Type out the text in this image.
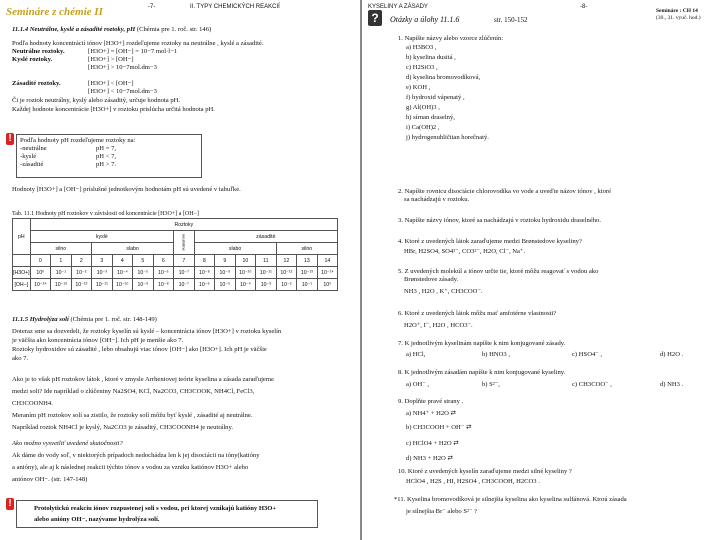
Semináre z chémie II	-7-	II. TYPY CHEMICKÝCH REAKCIÍ
11.1.4 Neutrálne, kyslé a zásadité roztoky, pH (Chémia pre 1. roč. str. 146)
Podľa hodnoty koncentrácií iónov [H3O+] rozdeľujeme roztoky na neutrálne , kyslé a zásadité.
Neutrálne roztoky.	[H3O+] = [OH−] = 10−7 mol·l−1
Kyslé roztoky.	[H3O+] > [OH−]
[H3O+] > 10−7mol.dm−3
Zásadité roztoky.	[H3O+] < [OH−]
[H3O+] < 10−7mol.dm−3
Či je roztok neutrálny, kyslý alebo zásaditý, určuje hodnota pH.
Každej hodnote koncentrácie [H3O+] v roztoku prislúcha určitá hodnota pH.
!	Podľa hodnoty pH rozdeľujeme roztoky na:
-neutrálne	pH = 7,
-kyslé	pH < 7,
-zásadité	pH > 7.
Hodnoty [H3O+] a [OH−] príslušné jednotkovým hodnotám pH sú uvedené v tabuľke.
Tab. 11.1 Hodnoty pH roztokov v závislosti od koncentrácie [H3O+] a [OH−]
pH	Roztoky														
	kyslé							neutrálne	zásadité						
	silno			slabo					slabo				silno		
	0	1	2	3	4	5	6	7	8	9	10	11	12	13	14
[H3O+]	10⁰	10⁻¹	10⁻²	10⁻³	10⁻⁴	10⁻⁵	10⁻⁶	10⁻⁷	10⁻⁸	10⁻⁹	10⁻¹⁰	10⁻¹¹	10⁻¹²	10⁻¹³	10⁻¹⁴
[OH−]	10⁻¹⁴	10⁻¹³	10⁻¹²	10⁻¹¹	10⁻¹⁰	10⁻⁹	10⁻⁸	10⁻⁷	10⁻⁶	10⁻⁵	10⁻⁴	10⁻³	10⁻²	10⁻¹	10⁰
11.1.5 Hydrolýza solí (Chémia pre 1. roč. str. 148-149)
Doteraz sme sa dozvedeli, že roztoky kyselín sú kyslé – koncentrácia iónov [H3O+] v roztoku kyselín
je väčšia ako koncentrácia iónov [OH−]. Ich pH je menšie ako 7.
Roztoky hydroxidov sú zásadité , lebo obsahujú viac iónov [OH−] ako [H3O+]. Ich pH je väčšie
ako 7.
Ako je to však pH roztokov látok , ktoré v zmysle Arrheniovej teórie kyselina a zásada zaraďujeme
medzi soli? Ide napríklad o zlúčeniny Na2SO4, KCl, Na2CO3, CH3COOK, NH4Cl, FeCl3,
CH3COONH4.
Meraním pH roztokov solí sa zistilo, že roztoky solí môžu byť kyslé , zásadité aj neutrálne.
Napríklad roztok NH4Cl je kyslý, Na2CO3 je zásaditý, CH3COONH4 je neutrálny.
Ako možno vysvetliť uvedené skutočnosti?
Ak dáme do vody soľ, v niektorých prípadoch nedochádza len k jej disociácii na ióny(katióny
a anióny), ale aj k následnej reakcii týchto iónov s vodou za vzniku katiónov H3O+ alebo
aniónov OH−. (str. 147-148)
!	Protolytickú reakciu iónov rozpustenej soli s vodou, pri ktorej vznikajú katióny H3O+
alebo anióny OH−, nazývame hydrolýza solí.
KYSELINY A ZÁSADY	-8-
?	Otázky a úlohy 11.1.6	str. 150-152
Semináre : CH 14
(30., 31. vyuč. hod.)
1. Napíšte názvy alebo vzorce zlúčenín:
a) H3BO3 ,
b) kyselina dusitá ,
c) H2SiO3 ,
d) kyselina bromovodíková,
e) KOH ,
f) hydroxid vápenatý ,
g) Al(OH)3 ,
h) sírnan draselný,
i) Ca(OH)2 ,
j) hydrogenuhličitan horečnatý.
2. Napíšte rovnicu disociácie chlorovodíka vo vode a uveďte názov iónov , ktoré
sa nachádzajú v roztoku.
3. Napíšte názvy iónov, ktoré sa nachádzajú v roztoku hydroxidu draselného.
4. Ktoré z uvedených látok zaraďujeme medzi Brønstedove kyseliny?
HBr, H2SO4, SO4²⁻, CO3²⁻, H2O, Cl⁻, Na⁺.
5. Z uvedených molekúl a iónov určte tie, ktoré môžu reagovať s vodou ako
Brønstedove zásady.
NH3 , H2O , K⁺, CH3COO⁻.
6. Ktoré z uvedených látok môžu mať amfotérne vlastnosti?
H2O⁺, I⁻, H2O , HCO3⁻.
7. K jednotlivým kyselinám napíšte k nim konjugované zásady.
a) HCl,	b) HNO3 ,	c) HSO4⁻ ,	d) H2O .
8. K jednotlivým zásadám napíšte k nim konjugované kyseliny.
a) OH⁻ ,	b) S²⁻,	c) CH3COO⁻ ,	d) NH3 .
9. Doplňte pravé strany .
a) NH4⁺ + H2O ⇄
b) CH3COOH + OH⁻ ⇄
c) HClO4 + H2O ⇄
d) NH3 + H2O ⇄
10. Ktoré z uvedených kyselín zaraďujeme medzi silné kyseliny ?
HClO4 , H2S , HI, H2SO4 , CH3COOH, H2CO3 .
*11. Kyselina bromovodíková je silnejšia kyselina ako kyselina sulfánová. Ktorá zásada
je silnejšia Br⁻ alebo S²⁻ ?
